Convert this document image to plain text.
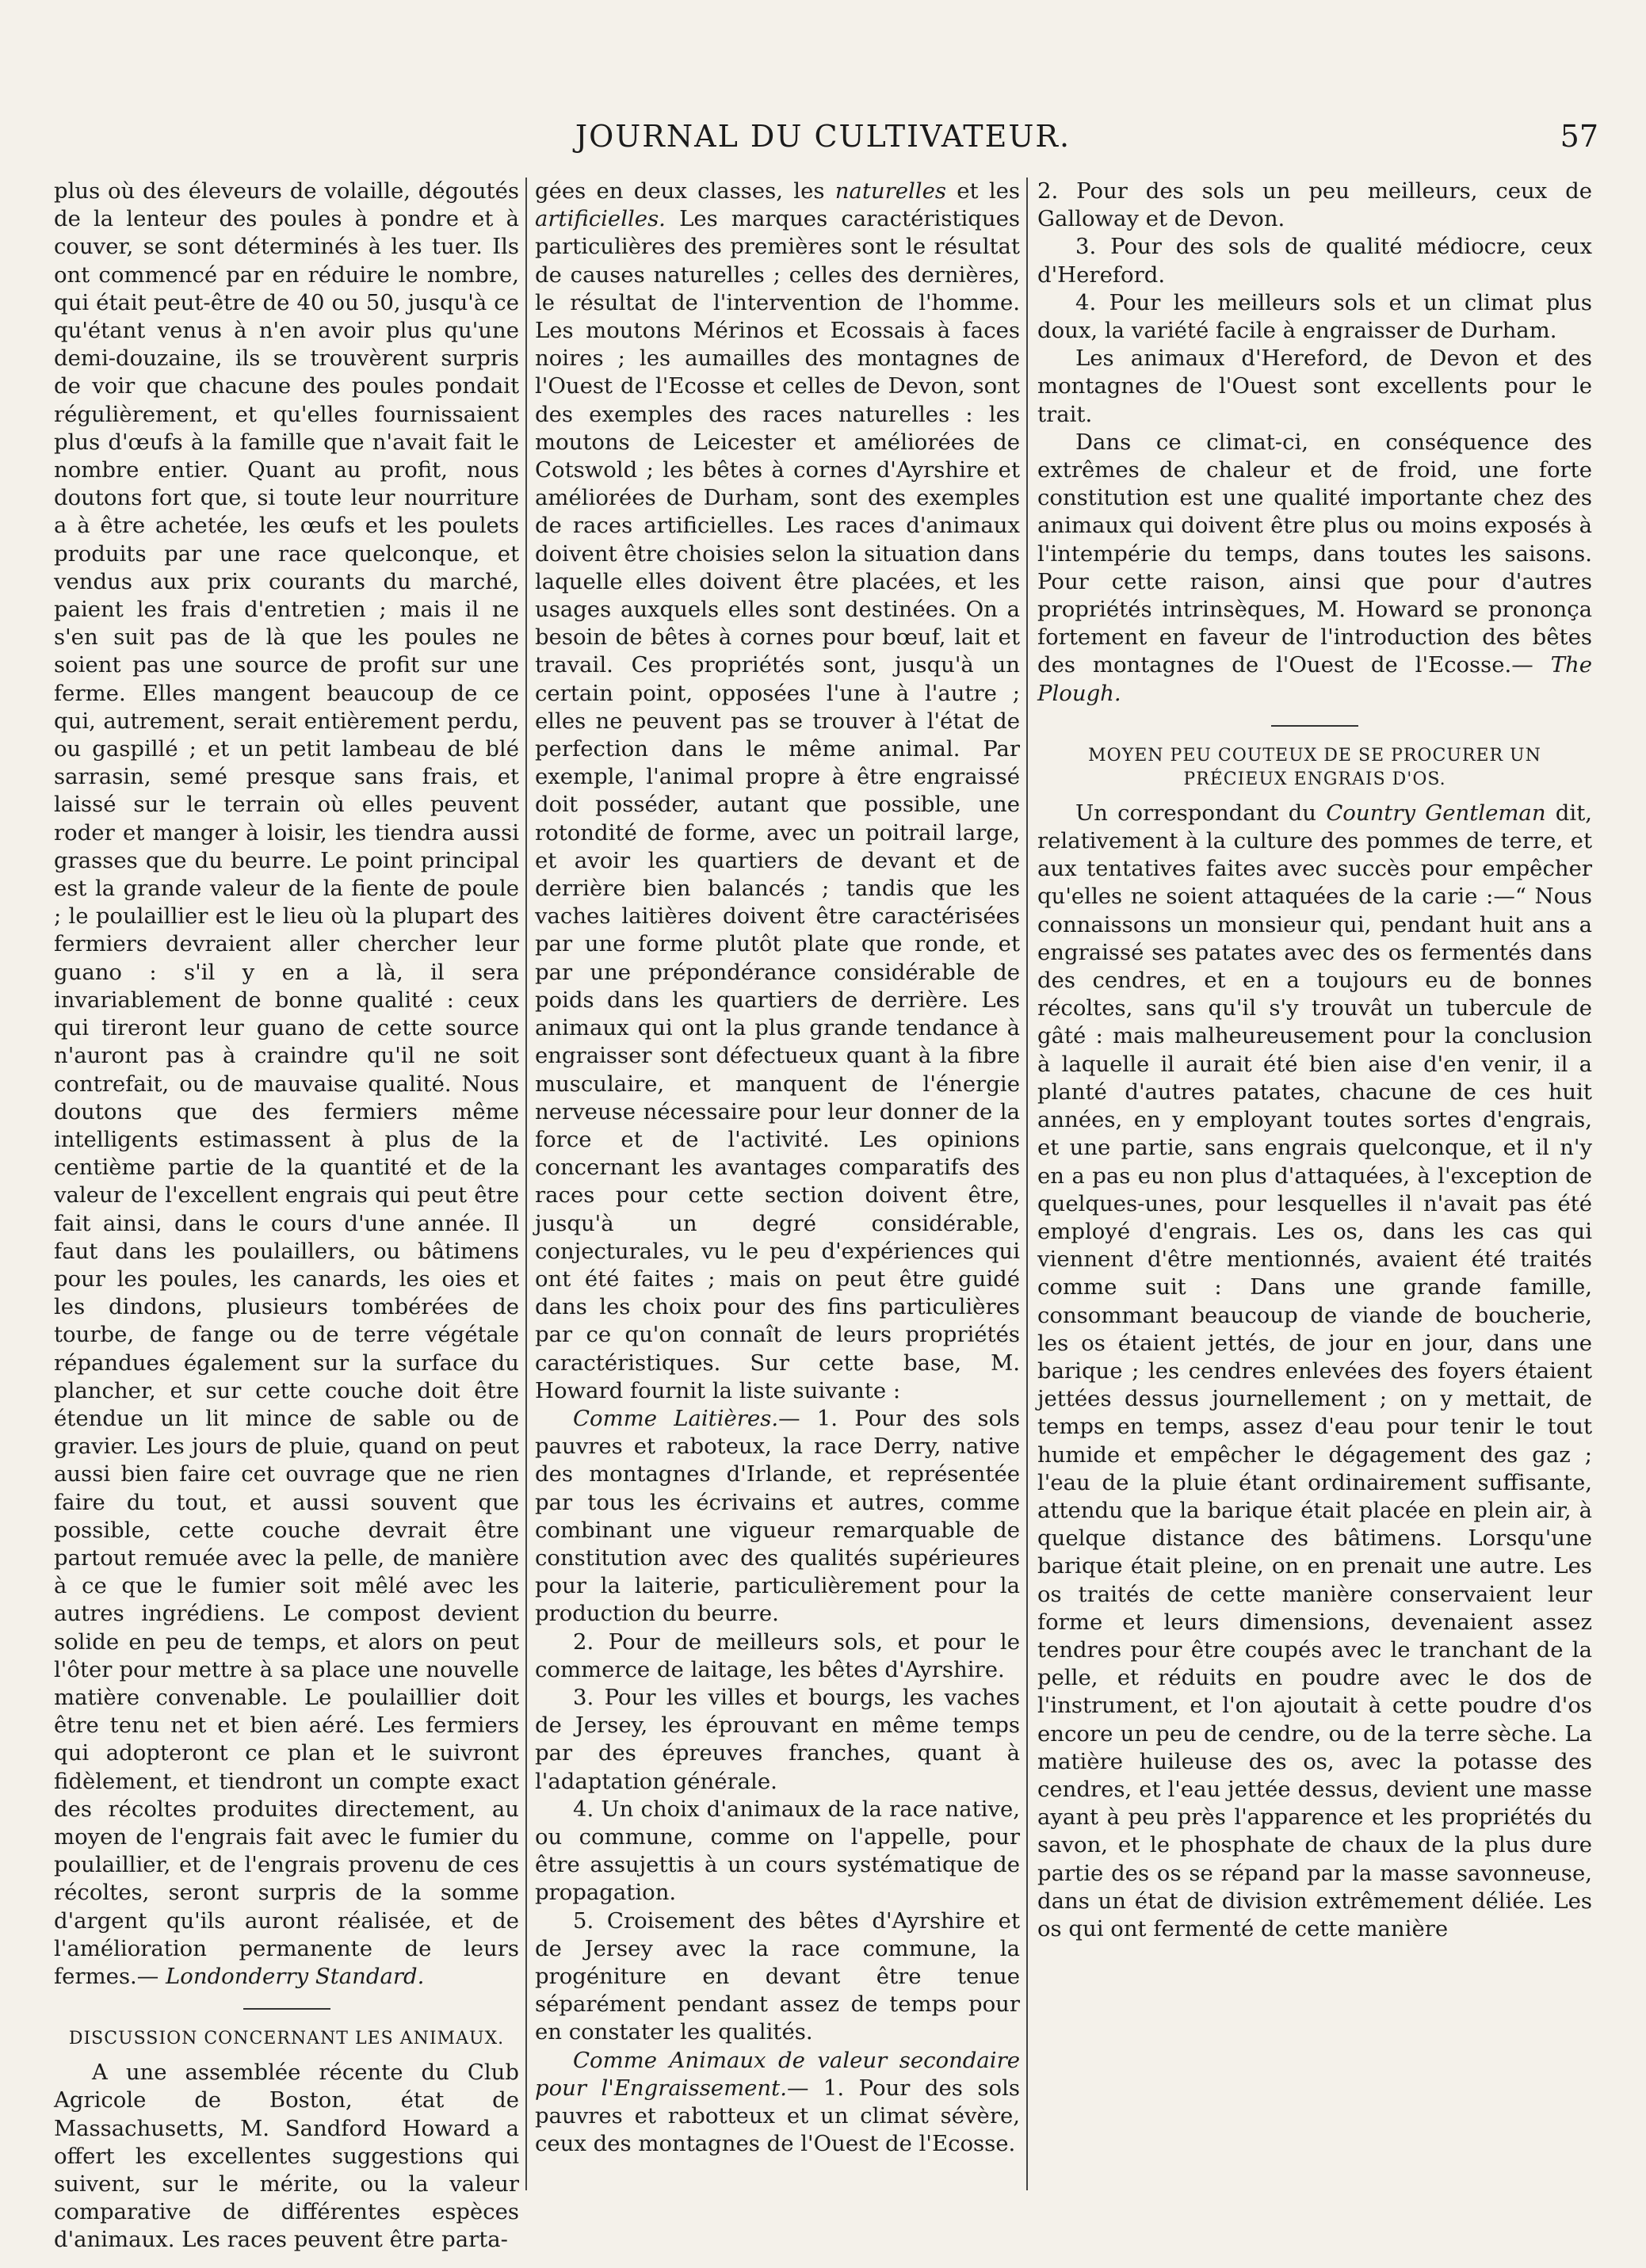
JOURNAL DU CULTIVATEUR.	57

plus où des éleveurs de volaille, dégoutés de la lenteur des poules à pondre et à couver, se sont déterminés à les tuer. Ils ont commencé par en réduire le nombre, qui était peut-être de 40 ou 50, jusqu'à ce qu'étant venus à n'en avoir plus qu'une demi-douzaine, ils se trouvèrent surpris de voir que chacune des poules pondait régulièrement, et qu'elles fournissaient plus d'œufs à la famille que n'avait fait le nombre entier. Quant au profit, nous doutons fort que, si toute leur nourriture a à être achetée, les œufs et les poulets produits par une race quelconque, et vendus aux prix courants du marché, paient les frais d'entretien ; mais il ne s'en suit pas de là que les poules ne soient pas une source de profit sur une ferme. Elles mangent beaucoup de ce qui, autrement, serait entièrement perdu, ou gaspillé ; et un petit lambeau de blé sarrasin, semé presque sans frais, et laissé sur le terrain où elles peuvent roder et manger à loisir, les tiendra aussi grasses que du beurre. Le point principal est la grande valeur de la fiente de poule ; le poulaillier est le lieu où la plupart des fermiers devraient aller chercher leur guano : s'il y en a là, il sera invariablement de bonne qualité : ceux qui tireront leur guano de cette source n'auront pas à craindre qu'il ne soit contrefait, ou de mauvaise qualité. Nous doutons que des fermiers même intelligents estimassent à plus de la centième partie de la quantité et de la valeur de l'excellent engrais qui peut être fait ainsi, dans le cours d'une année. Il faut dans les poulaillers, ou bâtimens pour les poules, les canards, les oies et les dindons, plusieurs tombérées de tourbe, de fange ou de terre végétale répandues également sur la surface du plancher, et sur cette couche doit être étendue un lit mince de sable ou de gravier. Les jours de pluie, quand on peut aussi bien faire cet ouvrage que ne rien faire du tout, et aussi souvent que possible, cette couche devrait être partout remuée avec la pelle, de manière à ce que le fumier soit mêlé avec les autres ingrédiens. Le compost devient solide en peu de temps, et alors on peut l'ôter pour mettre à sa place une nouvelle matière convenable. Le poulaillier doit être tenu net et bien aéré. Les fermiers qui adopteront ce plan et le suivront fidèlement, et tiendront un compte exact des récoltes produites directement, au moyen de l'engrais fait avec le fumier du poulaillier, et de l'engrais provenu de ces récoltes, seront surpris de la somme d'argent qu'ils auront réalisée, et de l'amélioration permanente de leurs fermes.— Londonderry Standard.

DISCUSSION CONCERNANT LES ANIMAUX.

A une assemblée récente du Club Agricole de Boston, état de Massachusetts, M. Sandford Howard a offert les excellentes suggestions qui suivent, sur le mérite, ou la valeur comparative de différentes espèces d'animaux. Les races peuvent être parta-

gées en deux classes, les naturelles et les artificielles. Les marques caractéristiques particulières des premières sont le résultat de causes naturelles ; celles des dernières, le résultat de l'intervention de l'homme. Les moutons Mérinos et Ecossais à faces noires ; les aumailles des montagnes de l'Ouest de l'Ecosse et celles de Devon, sont des exemples des races naturelles : les moutons de Leicester et améliorées de Cotswold ; les bêtes à cornes d'Ayrshire et améliorées de Durham, sont des exemples de races artificielles. Les races d'animaux doivent être choisies selon la situation dans laquelle elles doivent être placées, et les usages auxquels elles sont destinées. On a besoin de bêtes à cornes pour bœuf, lait et travail. Ces propriétés sont, jusqu'à un certain point, opposées l'une à l'autre ; elles ne peuvent pas se trouver à l'état de perfection dans le même animal. Par exemple, l'animal propre à être engraissé doit posséder, autant que possible, une rotondité de forme, avec un poitrail large, et avoir les quartiers de devant et de derrière bien balancés ; tandis que les vaches laitières doivent être caractérisées par une forme plutôt plate que ronde, et par une prépondérance considérable de poids dans les quartiers de derrière. Les animaux qui ont la plus grande tendance à engraisser sont défectueux quant à la fibre musculaire, et manquent de l'énergie nerveuse nécessaire pour leur donner de la force et de l'activité. Les opinions concernant les avantages comparatifs des races pour cette section doivent être, jusqu'à un degré considérable, conjecturales, vu le peu d'expériences qui ont été faites ; mais on peut être guidé dans les choix pour des fins particulières par ce qu'on connaît de leurs propriétés caractéristiques. Sur cette base, M. Howard fournit la liste suivante :

Comme Laitières.— 1. Pour des sols pauvres et raboteux, la race Derry, native des montagnes d'Irlande, et représentée par tous les écrivains et autres, comme combinant une vigueur remarquable de constitution avec des qualités supérieures pour la laiterie, particulièrement pour la production du beurre.

2. Pour de meilleurs sols, et pour le commerce de laitage, les bêtes d'Ayrshire.

3. Pour les villes et bourgs, les vaches de Jersey, les éprouvant en même temps par des épreuves franches, quant à l'adaptation générale.

4. Un choix d'animaux de la race native, ou commune, comme on l'appelle, pour être assujettis à un cours systématique de propagation.

5. Croisement des bêtes d'Ayrshire et de Jersey avec la race commune, la progéniture en devant être tenue séparément pendant assez de temps pour en constater les qualités.

Comme Animaux de valeur secondaire pour l'Engraissement.— 1. Pour des sols pauvres et rabotteux et un climat sévère, ceux des montagnes de l'Ouest de l'Ecosse.

2. Pour des sols un peu meilleurs, ceux de Galloway et de Devon.

3. Pour des sols de qualité médiocre, ceux d'Hereford.

4. Pour les meilleurs sols et un climat plus doux, la variété facile à engraisser de Durham.

Les animaux d'Hereford, de Devon et des montagnes de l'Ouest sont excellents pour le trait.

Dans ce climat-ci, en conséquence des extrêmes de chaleur et de froid, une forte constitution est une qualité importante chez des animaux qui doivent être plus ou moins exposés à l'intempérie du temps, dans toutes les saisons. Pour cette raison, ainsi que pour d'autres propriétés intrinsèques, M. Howard se prononça fortement en faveur de l'introduction des bêtes des montagnes de l'Ouest de l'Ecosse.— The Plough.

MOYEN PEU COUTEUX DE SE PROCURER UN PRÉCIEUX ENGRAIS D'OS.

Un correspondant du Country Gentleman dit, relativement à la culture des pommes de terre, et aux tentatives faites avec succès pour empêcher qu'elles ne soient attaquées de la carie :—“ Nous connaissons un monsieur qui, pendant huit ans a engraissé ses patates avec des os fermentés dans des cendres, et en a toujours eu de bonnes récoltes, sans qu'il s'y trouvât un tubercule de gâté : mais malheureusement pour la conclusion à laquelle il aurait été bien aise d'en venir, il a planté d'autres patates, chacune de ces huit années, en y employant toutes sortes d'engrais, et une partie, sans engrais quelconque, et il n'y en a pas eu non plus d'attaquées, à l'exception de quelques-unes, pour lesquelles il n'avait pas été employé d'engrais. Les os, dans les cas qui viennent d'être mentionnés, avaient été traités comme suit : Dans une grande famille, consommant beaucoup de viande de boucherie, les os étaient jettés, de jour en jour, dans une barique ; les cendres enlevées des foyers étaient jettées dessus journellement ; on y mettait, de temps en temps, assez d'eau pour tenir le tout humide et empêcher le dégagement des gaz ; l'eau de la pluie étant ordinairement suffisante, attendu que la barique était placée en plein air, à quelque distance des bâtimens. Lorsqu'une barique était pleine, on en prenait une autre. Les os traités de cette manière conservaient leur forme et leurs dimensions, devenaient assez tendres pour être coupés avec le tranchant de la pelle, et réduits en poudre avec le dos de l'instrument, et l'on ajoutait à cette poudre d'os encore un peu de cendre, ou de la terre sèche. La matière huileuse des os, avec la potasse des cendres, et l'eau jettée dessus, devient une masse ayant à peu près l'apparence et les propriétés du savon, et le phosphate de chaux de la plus dure partie des os se répand par la masse savonneuse, dans un état de division extrêmement déliée. Les os qui ont fermenté de cette manière
